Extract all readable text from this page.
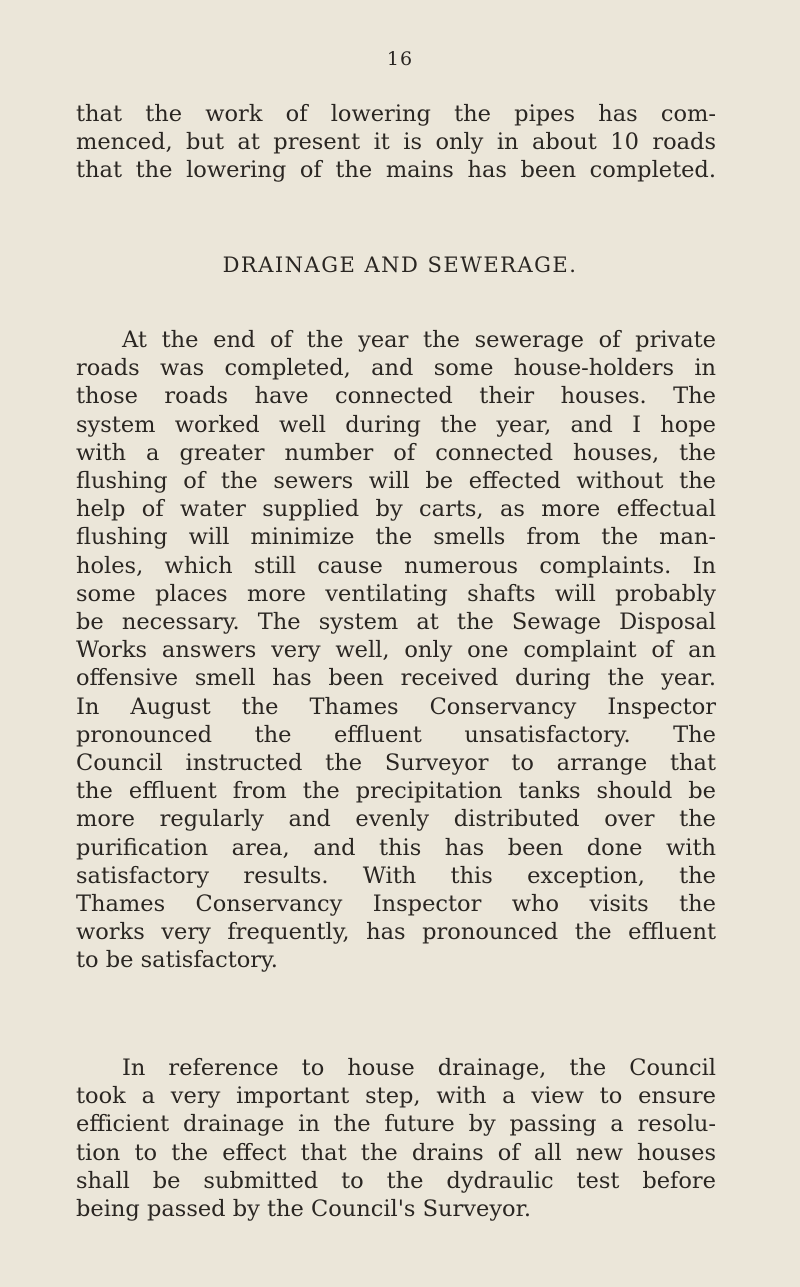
16
that the work of lowering the pipes has com-
menced, but at present it is only in about 10 roads
that the lowering of the mains has been completed.
DRAINAGE AND SEWERAGE.
At the end of the year the sewerage of private
roads was completed, and some house-holders in
those roads have connected their houses. The
system worked well during the year, and I hope
with a greater number of connected houses, the
flushing of the sewers will be effected without the
help of water supplied by carts, as more effectual
flushing will minimize the smells from the man-
holes, which still cause numerous complaints. In
some places more ventilating shafts will probably
be necessary. The system at the Sewage Disposal
Works answers very well, only one complaint of an
offensive smell has been received during the year.
In August the Thames Conservancy Inspector
pronounced the effluent unsatisfactory. The
Council instructed the Surveyor to arrange that
the effluent from the precipitation tanks should be
more regularly and evenly distributed over the
purification area, and this has been done with
satisfactory results. With this exception, the
Thames Conservancy Inspector who visits the
works very frequently, has pronounced the effluent
to be satisfactory.
In reference to house drainage, the Council
took a very important step, with a view to ensure
efficient drainage in the future by passing a resolu-
tion to the effect that the drains of all new houses
shall be submitted to the dydraulic test before
being passed by the Council's Surveyor.
